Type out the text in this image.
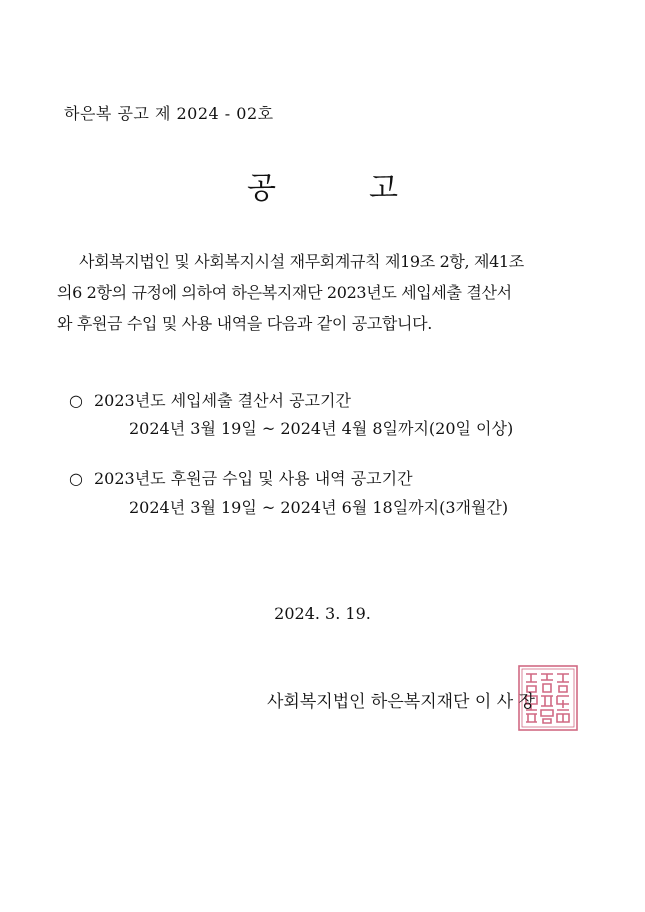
하은복 공고 제 2024 - 02호
공	고
사회복지법인 및 사회복지시설 재무회계규칙 제19조 2항, 제41조
의6 2항의 규정에 의하여 하은복지재단 2023년도 세입세출 결산서
와 후원금 수입 및 사용 내역을 다음과 같이 공고합니다.
○ 2023년도 세입세출 결산서 공고기간
2024년 3월 19일 ~ 2024년 4월 8일까지(20일 이상)
○ 2023년도 후원금 수입 및 사용 내역 공고기간
2024년 3월 19일 ~ 2024년 6월 18일까지(3개월간)
2024. 3. 19.
사회복지법인 하은복지재단 이 사 장
